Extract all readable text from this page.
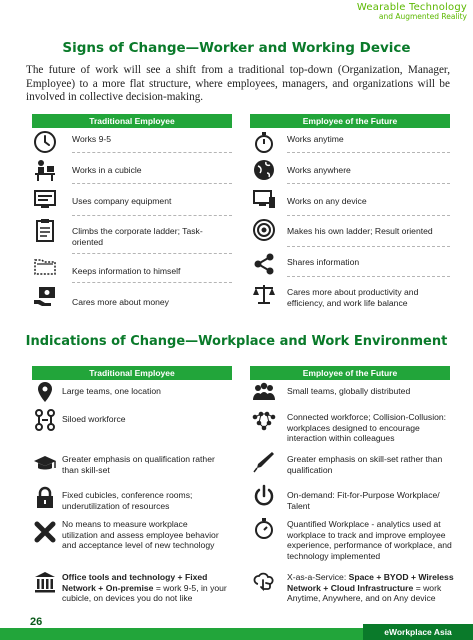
Wearable Technology
and Augmented Reality
Signs of Change—Worker and Working Device

The future of work will see a shift from a traditional top-down (Organization, Manager, Employee) to a more flat structure, where employees, managers, and organizations will be involved in collective decision-making.

Traditional Employee	Employee of the Future
Works 9-5
Works in a cubicle
Uses company equipment
Climbs the corporate ladder; Task-oriented
Keeps information to himself
Cares more about money
Works anytime
Works anywhere
Works on any device
Makes his own ladder; Result oriented
Shares information
Cares more about productivity and efficiency, and work life balance
Indications of Change—Workplace and Work Environment
Traditional Employee	Employee of the Future
Large teams, one location
Siloed workforce
Greater emphasis on qualification rather than skill-set
Fixed cubicles, conference rooms; underutilization of resources
No means to measure workplace utilization and assess employee behavior and acceptance level of new technology
Office tools and technology + Fixed Network + On-premise = work 9-5, in your cubicle, on devices you do not like
Small teams, globally distributed
Connected workforce; Collision-Collusion: workplaces designed to encourage interaction within colleagues
Greater emphasis on skill-set rather than qualification
On-demand: Fit-for-Purpose Workplace/ Talent
Quantified Workplace - analytics used at workplace to track and improve employee experience, performance of workplace, and technology implemented
X-as-a-Service: Space + BYOD + Wireless Network + Cloud Infrastructure = work Anytime, Anywhere, and on Any device
26
eWorkplace Asia
